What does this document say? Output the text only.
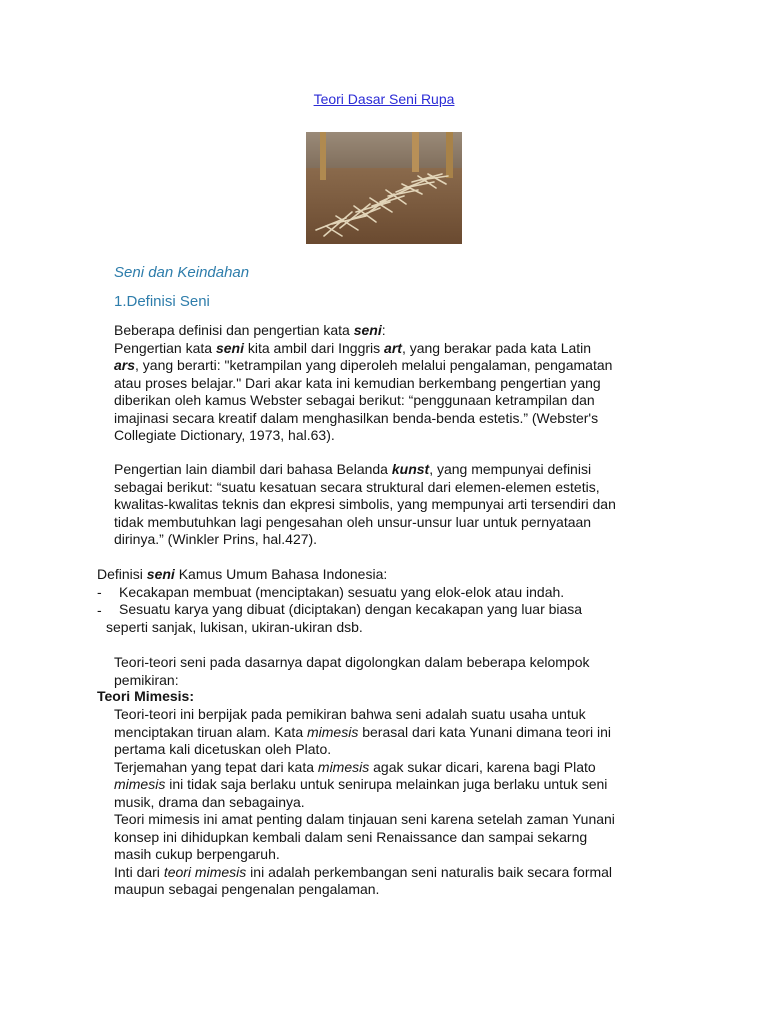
Teori Dasar Seni Rupa
Seni dan Keindahan
1.Definisi Seni

Beberapa definisi dan pengertian kata seni:

Pengertian kata seni kita ambil dari Inggris art, yang berakar pada kata Latin

ars, yang berarti: "ketrampilan yang diperoleh melalui pengalaman, pengamatan

atau proses belajar." Dari akar kata ini kemudian berkembang pengertian yang

diberikan oleh kamus Webster sebagai berikut: “penggunaan ketrampilan dan

imajinasi secara kreatif dalam menghasilkan benda-benda estetis.” (Webster's

Collegiate Dictionary, 1973, hal.63).

Pengertian lain diambil dari bahasa Belanda kunst, yang mempunyai definisi

sebagai berikut: “suatu kesatuan secara struktural dari elemen-elemen estetis,

kwalitas-kwalitas teknis dan ekpresi simbolis, yang mempunyai arti tersendiri dan

tidak membutuhkan lagi pengesahan oleh unsur-unsur luar untuk pernyataan

dirinya.” (Winkler Prins, hal.427).

Definisi seni Kamus Umum Bahasa Indonesia:

- Kecakapan membuat (menciptakan) sesuatu yang elok-elok atau indah.

- Sesuatu karya yang dibuat (diciptakan) dengan kecakapan yang luar biasa

seperti sanjak, lukisan, ukiran-ukiran dsb.

Teori-teori seni pada dasarnya dapat digolongkan dalam beberapa kelompok

pemikiran:

Teori Mimesis:

Teori-teori ini berpijak pada pemikiran bahwa seni adalah suatu usaha untuk

menciptakan tiruan alam. Kata mimesis berasal dari kata Yunani dimana teori ini

pertama kali dicetuskan oleh Plato.

Terjemahan yang tepat dari kata mimesis agak sukar dicari, karena bagi Plato

mimesis ini tidak saja berlaku untuk senirupa melainkan juga berlaku untuk seni

musik, drama dan sebagainya.

Teori mimesis ini amat penting dalam tinjauan seni karena setelah zaman Yunani

konsep ini dihidupkan kembali dalam seni Renaissance dan sampai sekarng

masih cukup berpengaruh.

Inti dari teori mimesis ini adalah perkembangan seni naturalis baik secara formal

maupun sebagai pengenalan pengalaman.
